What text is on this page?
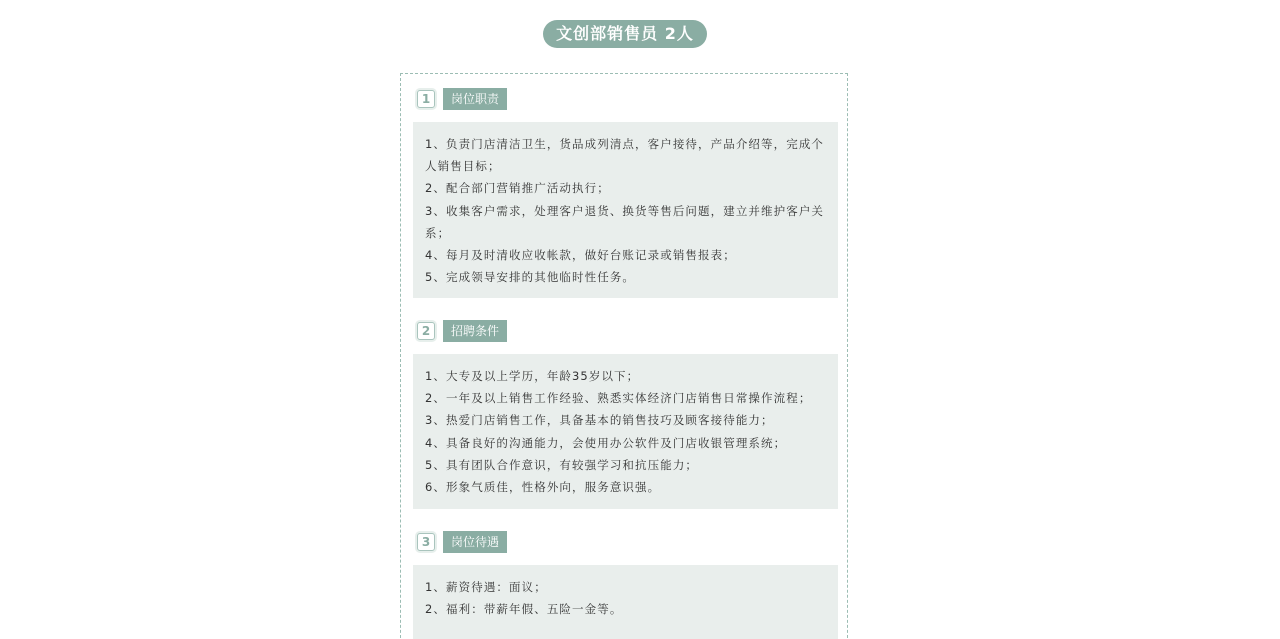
文创部销售员 2人
1	岗位职责

1、负责门店清洁卫生，货品成列清点，客户接待，产品介绍等，完成个人销售目标；

2、配合部门营销推广活动执行；

3、收集客户需求，处理客户退货、换货等售后问题，建立并维护客户关系；

4、每月及时清收应收帐款，做好台账记录或销售报表；

5、完成领导安排的其他临时性任务。

2	招聘条件

1、大专及以上学历，年龄35岁以下；

2、一年及以上销售工作经验、熟悉实体经济门店销售日常操作流程；

3、热爱门店销售工作，具备基本的销售技巧及顾客接待能力；

4、具备良好的沟通能力，会使用办公软件及门店收银管理系统；

5、具有团队合作意识，有较强学习和抗压能力；

6、形象气质佳，性格外向，服务意识强。

3	岗位待遇

1、薪资待遇：面议；

2、福利：带薪年假、五险一金等。
